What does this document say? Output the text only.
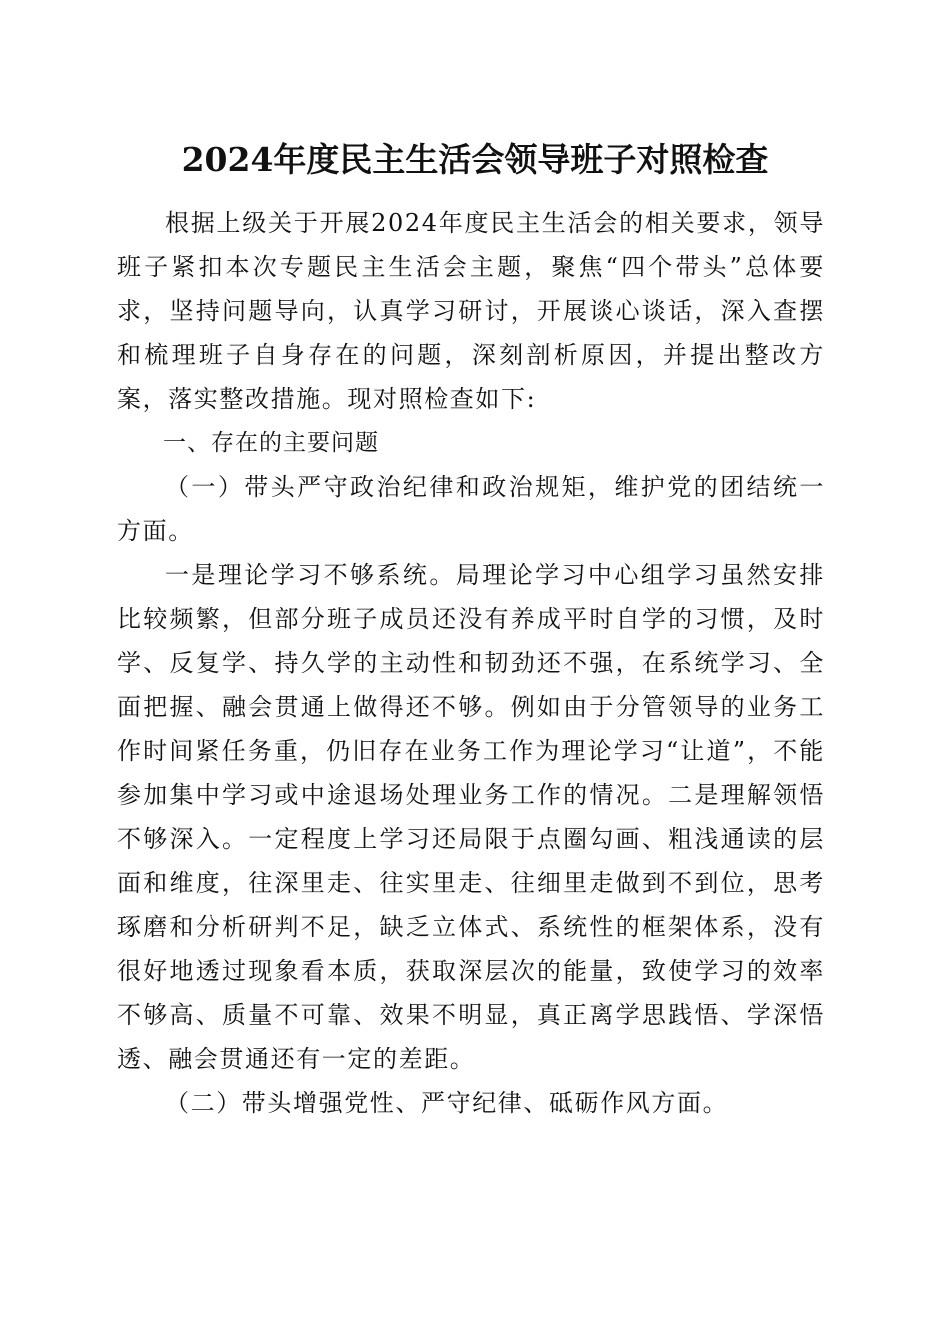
2024年度民主生活会领导班子对照检查

根据上级关于开展2024年度民主生活会的相关要求，领导班子紧扣本次专题民主生活会主题，聚焦“四个带头”总体要求，坚持问题导向，认真学习研讨，开展谈心谈话，深入查摆和梳理班子自身存在的问题，深刻剖析原因，并提出整改方案，落实整改措施。现对照检查如下:

一、存在的主要问题

（一）带头严守政治纪律和政治规矩，维护党的团结统一方面。

一是理论学习不够系统。局理论学习中心组学习虽然安排比较频繁，但部分班子成员还没有养成平时自学的习惯，及时学、反复学、持久学的主动性和韧劲还不强，在系统学习、全面把握、融会贯通上做得还不够。例如由于分管领导的业务工作时间紧任务重，仍旧存在业务工作为理论学习“让道”，不能参加集中学习或中途退场处理业务工作的情况。二是理解领悟不够深入。一定程度上学习还局限于点圈勾画、粗浅通读的层面和维度，往深里走、往实里走、往细里走做到不到位，思考琢磨和分析研判不足，缺乏立体式、系统性的框架体系，没有很好地透过现象看本质，获取深层次的能量，致使学习的效率不够高、质量不可靠、效果不明显，真正离学思践悟、学深悟透、融会贯通还有一定的差距。

（二）带头增强党性、严守纪律、砥砺作风方面。
